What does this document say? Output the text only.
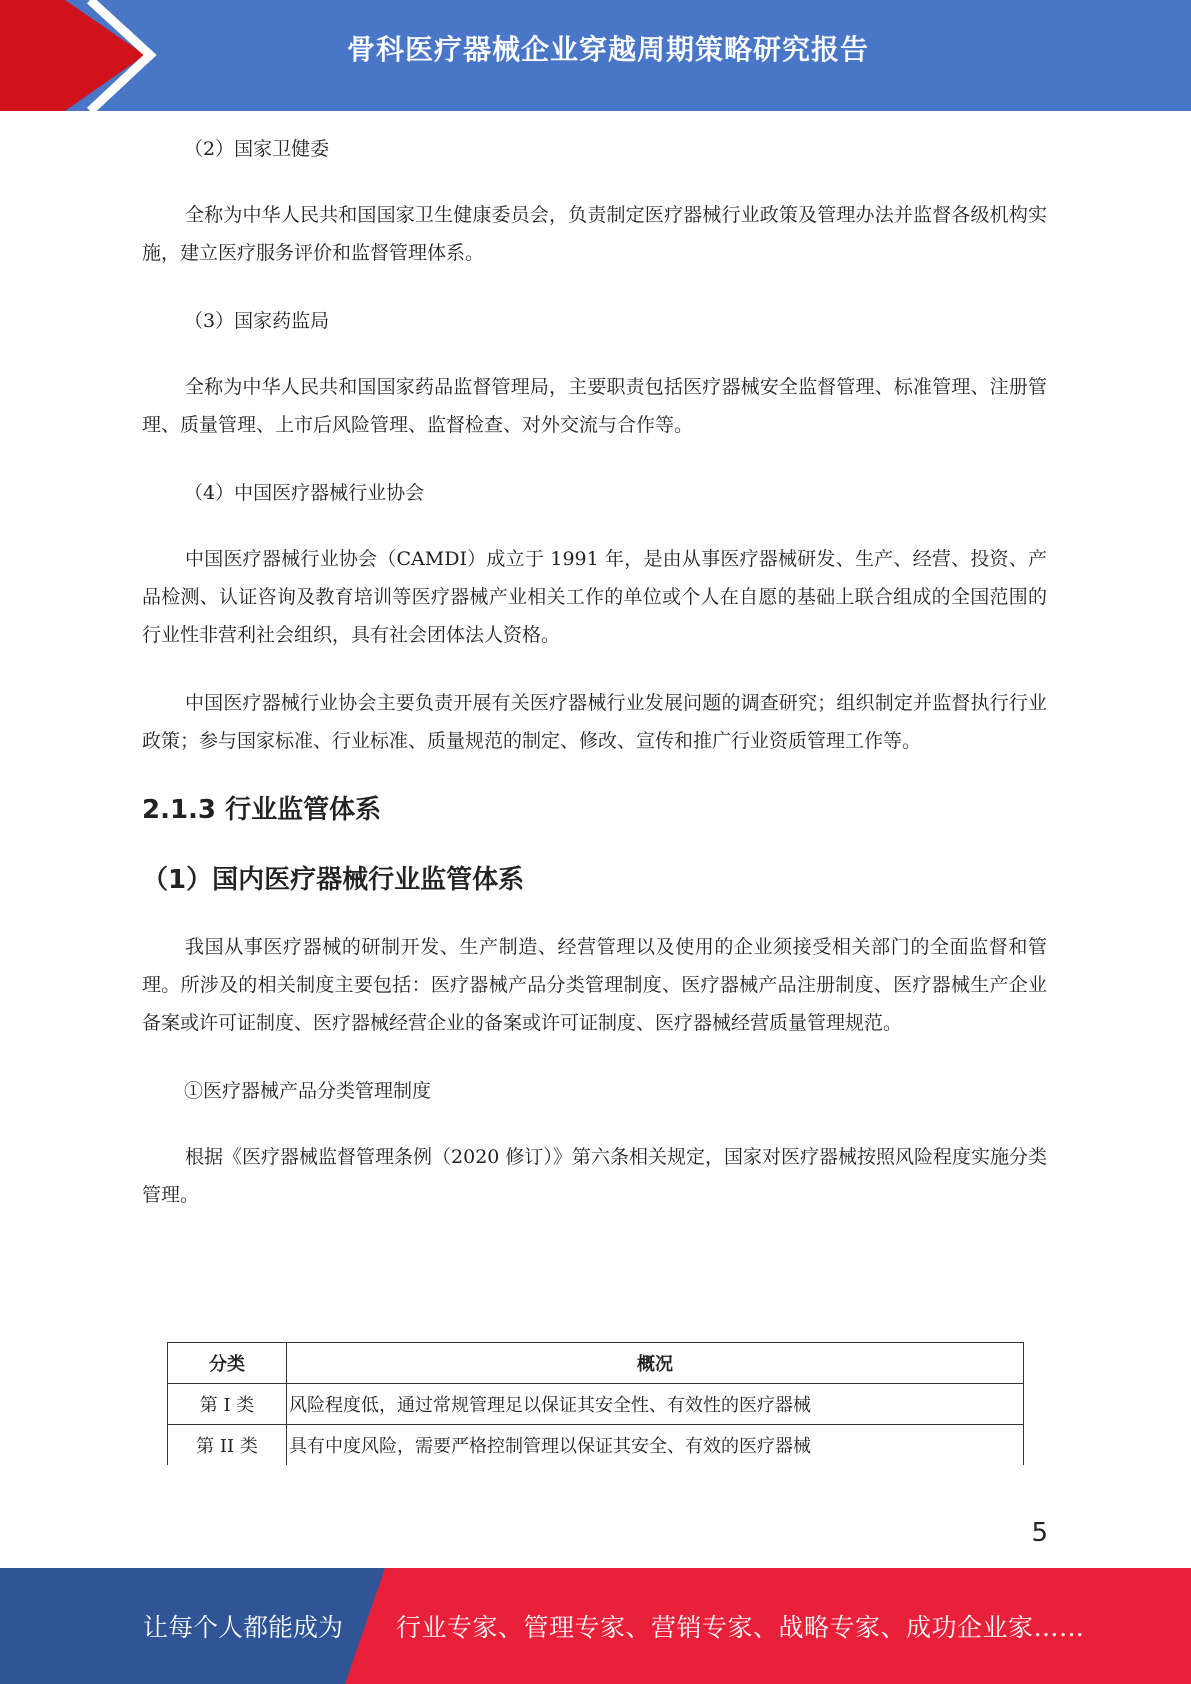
骨科医疗器械企业穿越周期策略研究报告
（2）国家卫健委

全称为中华人民共和国国家卫生健康委员会，负责制定医疗器械行业政策及管理办法并监督各级机构实施，建立医疗服务评价和监督管理体系。

（3）国家药监局

全称为中华人民共和国国家药品监督管理局，主要职责包括医疗器械安全监督管理、标准管理、注册管理、质量管理、上市后风险管理、监督检查、对外交流与合作等。

（4）中国医疗器械行业协会

中国医疗器械行业协会（CAMDI）成立于 1991 年，是由从事医疗器械研发、生产、经营、投资、产品检测、认证咨询及教育培训等医疗器械产业相关工作的单位或个人在自愿的基础上联合组成的全国范围的行业性非营利社会组织，具有社会团体法人资格。

中国医疗器械行业协会主要负责开展有关医疗器械行业发展问题的调查研究；组织制定并监督执行行业政策；参与国家标准、行业标准、质量规范的制定、修改、宣传和推广行业资质管理工作等。

2.1.3 行业监管体系
（1）国内医疗器械行业监管体系

我国从事医疗器械的研制开发、生产制造、经营管理以及使用的企业须接受相关部门的全面监督和管理。所涉及的相关制度主要包括：医疗器械产品分类管理制度、医疗器械产品注册制度、医疗器械生产企业备案或许可证制度、医疗器械经营企业的备案或许可证制度、医疗器械经营质量管理规范。

①医疗器械产品分类管理制度

根据《医疗器械监督管理条例（2020 修订）》第六条相关规定，国家对医疗器械按照风险程度实施分类管理。

分类	概况
第 I 类	风险程度低，通过常规管理足以保证其安全性、有效性的医疗器械
第 II 类	具有中度风险，需要严格控制管理以保证其安全、有效的医疗器械
5
让每个人都能成为 行业专家、管理专家、营销专家、战略专家、成功企业家……
